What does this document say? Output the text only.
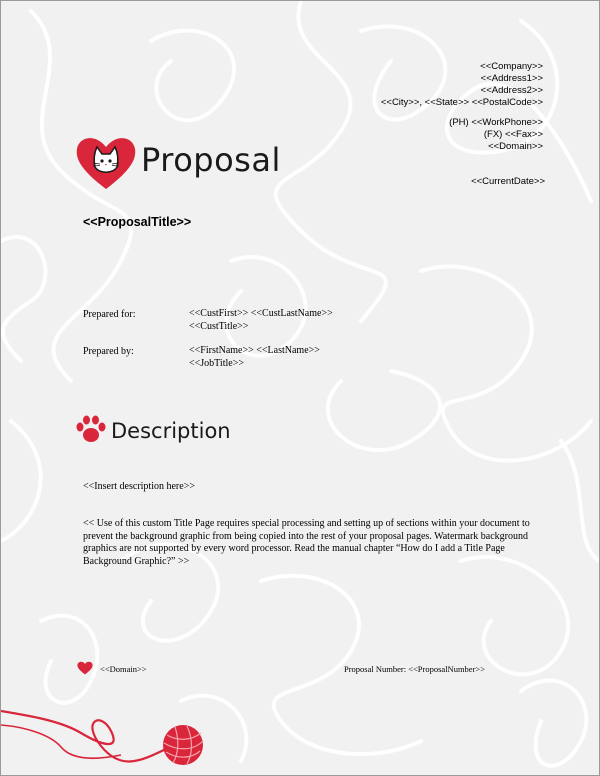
<<Company>>
<<Address1>>
<<Address2>>
<<City>>, <<State>> <<PostalCode>>
(PH) <<WorkPhone>>
(FX) <<Fax>>
<<Domain>>
<<CurrentDate>>
Proposal
<<ProposalTitle>>
Prepared for:	<<CustFirst>> <<CustLastName>>
<<CustTitle>>
Prepared by:	<<FirstName>> <<LastName>>
<<JobTitle>>
Description
<<Insert description here>>
<< Use of this custom Title Page requires special processing and setting up of sections within your document to prevent the background graphic from being copied into the rest of your proposal pages. Watermark background graphics are not supported by every word processor. Read the manual chapter “How do I add a Title Page Background Graphic?” >>
<<Domain>>	Proposal Number: <<ProposalNumber>>
